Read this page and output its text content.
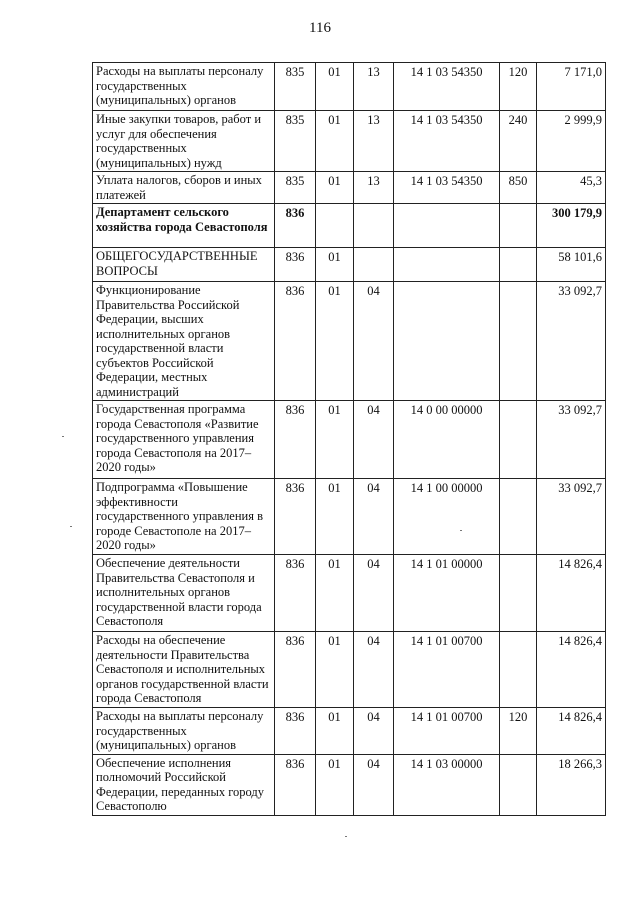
116
Расходы на выплаты персоналу государственных (муниципальных) органов	835	01	13	14 1 03 54350	120	7 171,0
Иные закупки товаров, работ и услуг для обеспечения государственных (муниципальных) нужд	835	01	13	14 1 03 54350	240	2 999,9
Уплата налогов, сборов и иных платежей	835	01	13	14 1 03 54350	850	45,3
Департамент сельского хозяйства города Севастополя	836					300 179,9
ОБЩЕГОСУДАРСТВЕННЫЕ ВОПРОСЫ	836	01				58 101,6
Функционирование Правительства Российской Федерации, высших исполнительных органов государственной власти субъектов Российской Федерации, местных администраций	836	01	04			33 092,7
Государственная программа города Севастополя «Развитие государственного управления города Севастополя на 2017–2020 годы»	836	01	04	14 0 00 00000		33 092,7
Подпрограмма «Повышение эффективности государственного управления в городе Севастополе на 2017–2020 годы»	836	01	04	14 1 00 00000		33 092,7
Обеспечение деятельности Правительства Севастополя и исполнительных органов государственной власти города Севастополя	836	01	04	14 1 01 00000		14 826,4
Расходы на обеспечение деятельности Правительства Севастополя и исполнительных органов государственной власти города Севастополя	836	01	04	14 1 01 00700		14 826,4
Расходы на выплаты персоналу государственных (муниципальных) органов	836	01	04	14 1 01 00700	120	14 826,4
Обеспечение исполнения полномочий Российской Федерации, переданных городу Севастополю	836	01	04	14 1 03 00000		18 266,3
